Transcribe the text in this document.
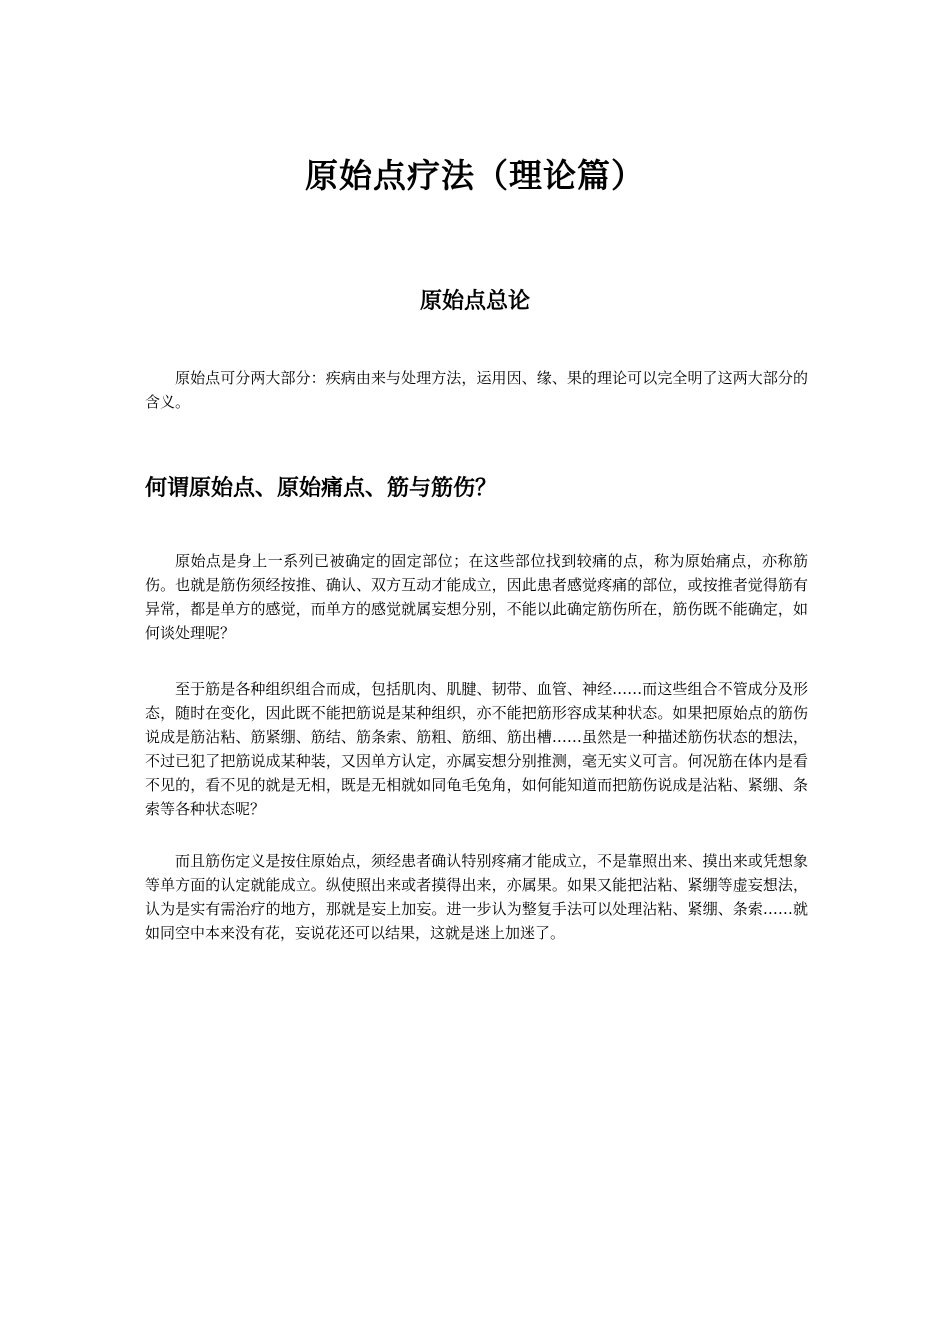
原始点疗法（理论篇）
原始点总论

原始点可分两大部分：疾病由来与处理方法，运用因、缘、果的理论可以完全明了这两大部分的含义。

何谓原始点、原始痛点、筋与筋伤？

原始点是身上一系列已被确定的固定部位；在这些部位找到较痛的点，称为原始痛点，亦称筋伤。也就是筋伤须经按推、确认、双方互动才能成立，因此患者感觉疼痛的部位，或按推者觉得筋有异常，都是单方的感觉，而单方的感觉就属妄想分别，不能以此确定筋伤所在，筋伤既不能确定，如何谈处理呢？

至于筋是各种组织组合而成，包括肌肉、肌腱、韧带、血管、神经……而这些组合不管成分及形态，随时在变化，因此既不能把筋说是某种组织，亦不能把筋形容成某种状态。如果把原始点的筋伤说成是筋沾粘、筋紧绷、筋结、筋条索、筋粗、筋细、筋出槽……虽然是一种描述筋伤状态的想法，不过已犯了把筋说成某种装，又因单方认定，亦属妄想分别推测，毫无实义可言。何况筋在体内是看不见的，看不见的就是无相，既是无相就如同龟毛兔角，如何能知道而把筋伤说成是沾粘、紧绷、条索等各种状态呢？

而且筋伤定义是按住原始点，须经患者确认特别疼痛才能成立，不是靠照出来、摸出来或凭想象等单方面的认定就能成立。纵使照出来或者摸得出来，亦属果。如果又能把沾粘、紧绷等虚妄想法，认为是实有需治疗的地方，那就是妄上加妄。进一步认为整复手法可以处理沾粘、紧绷、条索……就如同空中本来没有花，妄说花还可以结果，这就是迷上加迷了。
